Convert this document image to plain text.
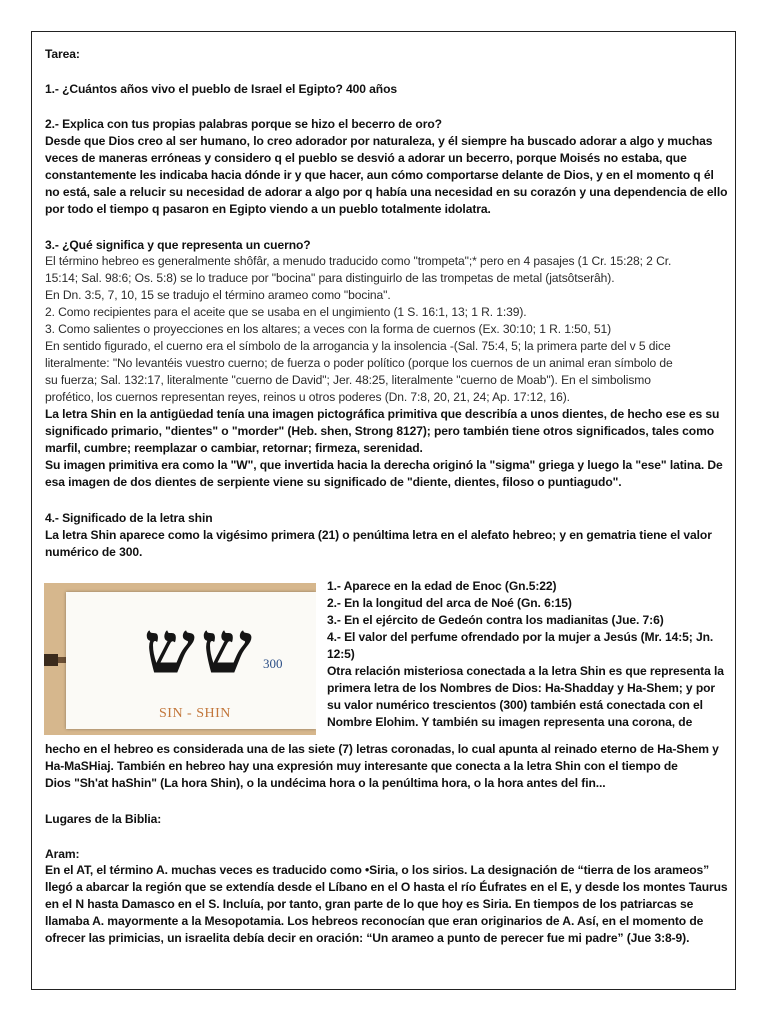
Tarea:
1.- ¿Cuántos años vivo el pueblo de Israel el Egipto? 400 años
2.- Explica con tus propias palabras porque se hizo el becerro de oro?
Desde que Dios creo al ser humano, lo creo adorador por naturaleza, y él siempre ha buscado adorar a algo y muchas
veces de maneras erróneas y considero q el pueblo se desvió a adorar un becerro, porque Moisés no estaba, que
constantemente les indicaba hacia dónde ir y que hacer, aun cómo comportarse delante de Dios, y en el momento q él
no está, sale a relucir su necesidad de adorar a algo por q había una necesidad en su corazón y una dependencia de ello
por todo el tiempo q pasaron en Egipto viendo a un pueblo totalmente idolatra.
3.- ¿Qué significa y que representa un cuerno?
El término hebreo es generalmente shôfâr, a menudo traducido como "trompeta";* pero en 4 pasajes (1 Cr. 15:28; 2 Cr.
15:14; Sal. 98:6; Os. 5:8) se lo traduce por "bocina" para distinguirlo de las trompetas de metal (jatsôtserâh).
En Dn. 3:5, 7, 10, 15 se tradujo el término arameo como "bocina".
2. Como recipientes para el aceite que se usaba en el ungimiento (1 S. 16:1, 13; 1 R. 1:39).
3. Como salientes o proyecciones en los altares; a veces con la forma de cuernos (Ex. 30:10; 1 R. 1:50, 51)
En sentido figurado, el cuerno era el símbolo de la arrogancia y la insolencia -(Sal. 75:4, 5; la primera parte del v 5 dice
literalmente: "No levantéis vuestro cuerno; de fuerza o poder político (porque los cuernos de un animal eran símbolo de
su fuerza; Sal. 132:17, literalmente "cuerno de David"; Jer. 48:25, literalmente "cuerno de Moab"). En el simbolismo
profético, los cuernos representan reyes, reinos u otros poderes (Dn. 7:8, 20, 21, 24; Ap. 17:12, 16).
La letra Shin en la antigüedad tenía una imagen pictográfica primitiva que describía a unos dientes, de hecho ese es su
significado primario, "dientes" o "morder" (Heb. shen, Strong 8127); pero también tiene otros significados, tales como
marfil, cumbre; reemplazar o cambiar, retornar; firmeza, serenidad.
Su imagen primitiva era como la "W", que invertida hacia la derecha originó la "sigma" griega y luego la "ese" latina. De
esa imagen de dos dientes de serpiente viene su significado de "diente, dientes, filoso o puntiagudo".
4.- Significado de la letra shin
La letra Shin aparece como la vigésimo primera (21) o penúltima letra en el alefato hebreo; y en gematria tiene el valor
numérico de 300.
1.- Aparece en la edad de Enoc (Gn.5:22)
2.- En la longitud del arca de Noé (Gn. 6:15)
3.- En el ejército de Gedeón contra los madianitas (Jue. 7:6)
4.- El valor del perfume ofrendado por la mujer a Jesús (Mr. 14:5; Jn.
12:5)
Otra relación misteriosa conectada a la letra Shin es que representa la
primera letra de los Nombres de Dios: Ha-Shadday y Ha-Shem; y por
su valor numérico trescientos (300) también está conectada con el
Nombre Elohim. Y también su imagen representa una corona, de
hecho en el hebreo es considerada una de las siete (7) letras coronadas, lo cual apunta al reinado eterno de Ha-Shem y
Ha-MaSHiaj. También en hebreo hay una expresión muy interesante que conecta a la letra Shin con el tiempo de
Dios "Sh'at haShin" (La hora Shin), o la undécima hora o la penúltima hora, o la hora antes del fin...
Lugares de la Biblia:
Aram:
En el AT, el término A. muchas veces es traducido como •Siria, o los sirios. La designación de “tierra de los arameos”
llegó a abarcar la región que se extendía desde el Líbano en el O hasta el río Éufrates en el E, y desde los montes Taurus
en el N hasta Damasco en el S. Incluía, por tanto, gran parte de lo que hoy es Siria. En tiempos de los patriarcas se
llamaba A. mayormente a la Mesopotamia. Los hebreos reconocían que eran originarios de A. Así, en el momento de
ofrecer las primicias, un israelita debía decir en oración: “Un arameo a punto de perecer fue mi padre” (Jue 3:8-9).
שש 300
SIN - SHIN
